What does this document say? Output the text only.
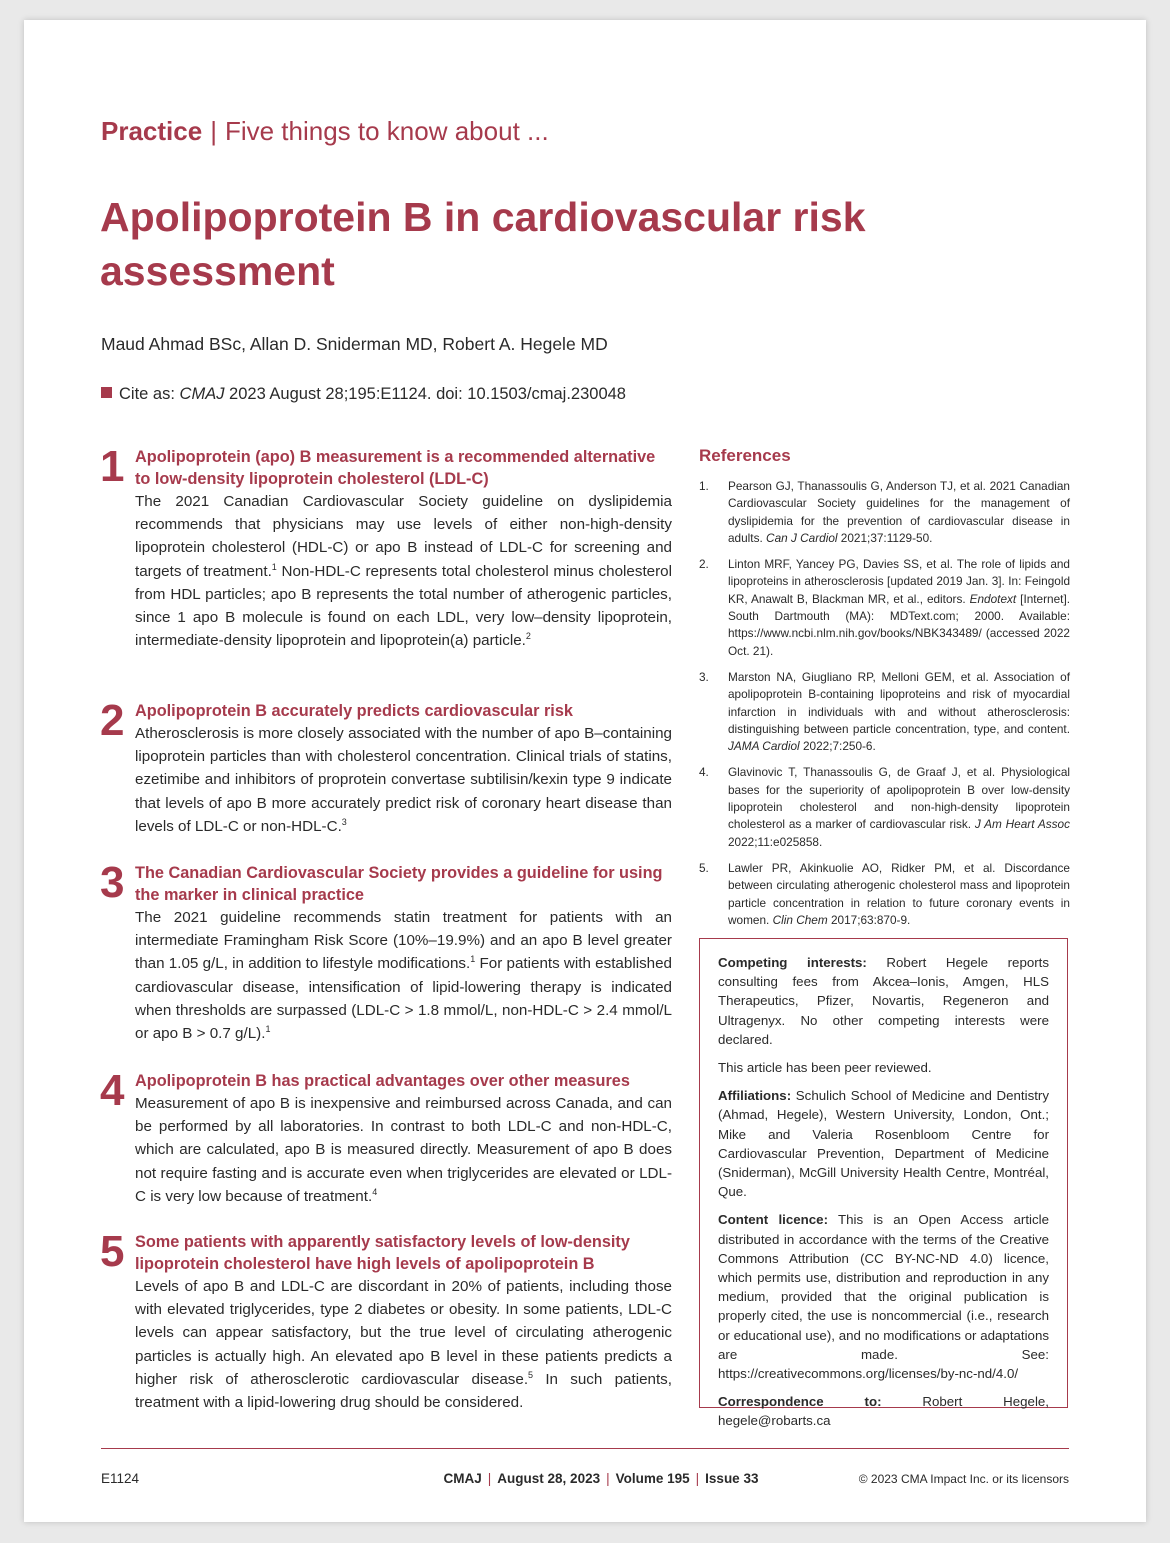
Practice | Five things to know about ...
Apolipoprotein B in cardiovascular risk assessment
Maud Ahmad BSc, Allan D. Sniderman MD, Robert A. Hegele MD
Cite as: CMAJ 2023 August 28;195:E1124. doi: 10.1503/cmaj.230048
1 Apolipoprotein (apo) B measurement is a recommended alternative to low-density lipoprotein cholesterol (LDL-C)
The 2021 Canadian Cardiovascular Society guideline on dyslipidemia recommends that physicians may use levels of either non-high-density lipoprotein cholesterol (HDL-C) or apo B instead of LDL-C for screening and targets of treatment.$^1$ Non-HDL-C represents total cholesterol minus cholesterol from HDL particles; apo B represents the total number of atherogenic particles, since 1 apo B molecule is found on each LDL, very low–density lipoprotein, intermediate-density lipoprotein and lipoprotein(a) particle.$^2$
2 Apolipoprotein B accurately predicts cardiovascular risk
Atherosclerosis is more closely associated with the number of apo B–containing lipoprotein particles than with cholesterol concentration. Clinical trials of statins, ezetimibe and inhibitors of proprotein convertase subtilisin/kexin type 9 indicate that levels of apo B more accurately predict risk of coronary heart disease than levels of LDL-C or non-HDL-C.$^3$
3 The Canadian Cardiovascular Society provides a guideline for using the marker in clinical practice
The 2021 guideline recommends statin treatment for patients with an intermediate Framingham Risk Score (10%–19.9%) and an apo B level greater than 1.05 g/L, in addition to lifestyle modifications.$^1$ For patients with established cardiovascular disease, intensification of lipid-lowering therapy is indicated when thresholds are surpassed (LDL-C > 1.8 mmol/L, non-HDL-C > 2.4 mmol/L or apo B > 0.7 g/L).$^1$
4 Apolipoprotein B has practical advantages over other measures
Measurement of apo B is inexpensive and reimbursed across Canada, and can be performed by all laboratories. In contrast to both LDL-C and non-HDL-C, which are calculated, apo B is measured directly. Measurement of apo B does not require fasting and is accurate even when triglycerides are elevated or LDL-C is very low because of treatment.$^4$
5 Some patients with apparently satisfactory levels of low-density lipoprotein cholesterol have high levels of apolipoprotein B
Levels of apo B and LDL-C are discordant in 20% of patients, including those with elevated triglycerides, type 2 diabetes or obesity. In some patients, LDL-C levels can appear satisfactory, but the true level of circulating atherogenic particles is actually high. An elevated apo B level in these patients predicts a higher risk of atherosclerotic cardiovascular disease.$^5$ In such patients, treatment with a lipid-lowering drug should be considered.
References
1.	Pearson GJ, Thanassoulis G, Anderson TJ, et al. 2021 Canadian Cardiovascular Society guidelines for the management of dyslipidemia for the prevention of cardiovascular disease in adults. Can J Cardiol 2021;37:1129-50.
2.	Linton MRF, Yancey PG, Davies SS, et al. The role of lipids and lipoproteins in atherosclerosis [updated 2019 Jan. 3]. In: Feingold KR, Anawalt B, Blackman MR, et al., editors. Endotext [Internet]. South Dartmouth (MA): MDText.com; 2000. Available: https://www.ncbi.nlm.nih.gov/books/NBK343489/ (accessed 2022 Oct. 21).
3.	Marston NA, Giugliano RP, Melloni GEM, et al. Association of apolipoprotein B-containing lipoproteins and risk of myocardial infarction in individuals with and without atherosclerosis: distinguishing between particle concentration, type, and content. JAMA Cardiol 2022;7:250-6.
4.	Glavinovic T, Thanassoulis G, de Graaf J, et al. Physiological bases for the superiority of apolipoprotein B over low-density lipoprotein cholesterol and non-high-density lipoprotein cholesterol as a marker of cardiovascular risk. J Am Heart Assoc 2022;11:e025858.
5.	Lawler PR, Akinkuolie AO, Ridker PM, et al. Discordance between circulating atherogenic cholesterol mass and lipoprotein particle concentration in relation to future coronary events in women. Clin Chem 2017;63:870-9.

Competing interests: Robert Hegele reports consulting fees from Akcea–Ionis, Amgen, HLS Therapeutics, Pfizer, Novartis, Regeneron and Ultragenyx. No other competing interests were declared.

This article has been peer reviewed.

Affiliations: Schulich School of Medicine and Dentistry (Ahmad, Hegele), Western University, London, Ont.; Mike and Valeria Rosenbloom Centre for Cardiovascular Prevention, Department of Medicine (Sniderman), McGill University Health Centre, Montréal, Que.

Content licence: This is an Open Access article distributed in accordance with the terms of the Creative Commons Attribution (CC BY-NC-ND 4.0) licence, which permits use, distribution and reproduction in any medium, provided that the original publication is properly cited, the use is noncommercial (i.e., research or educational use), and no modifications or adaptations are made. See: https://creativecommons.org/licenses/by-nc-nd/4.0/

Correspondence to: Robert Hegele, hegele@robarts.ca

E1124	CMAJ | August 28, 2023 | Volume 195 | Issue 33	© 2023 CMA Impact Inc. or its licensors
